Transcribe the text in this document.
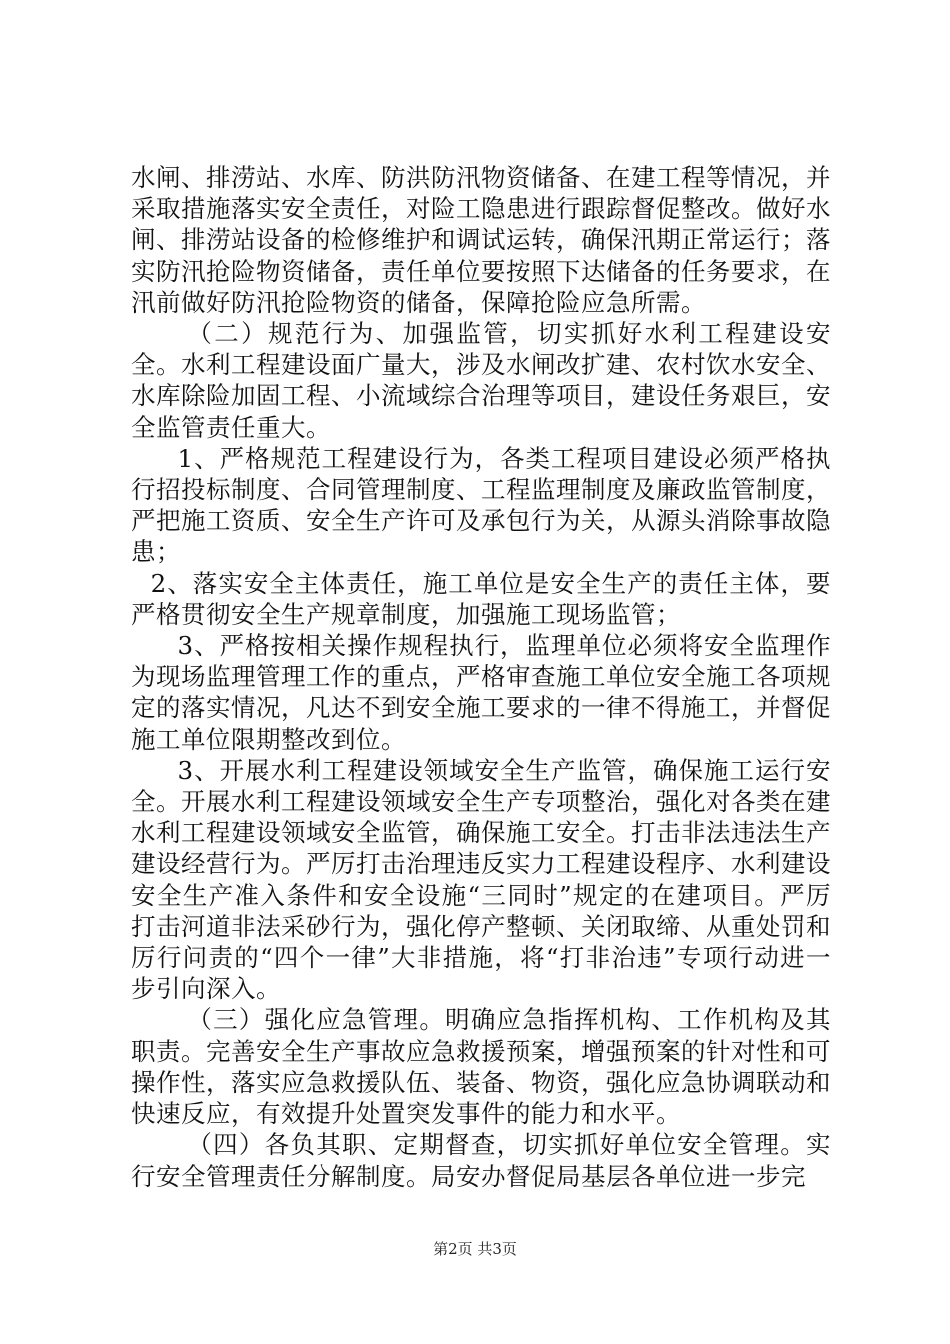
水闸、排涝站、水库、防洪防汛物资储备、在建工程等情况，并采取措施落实安全责任，对险工隐患进行跟踪督促整改。做好水闸、排涝站设备的检修维护和调试运转，确保汛期正常运行；落实防汛抢险物资储备，责任单位要按照下达储备的任务要求，在汛前做好防汛抢险物资的储备，保障抢险应急所需。

（二）规范行为、加强监管，切实抓好水利工程建设安全。水利工程建设面广量大，涉及水闸改扩建、农村饮水安全、水库除险加固工程、小流域综合治理等项目，建设任务艰巨，安全监管责任重大。

1、严格规范工程建设行为，各类工程项目建设必须严格执行招投标制度、合同管理制度、工程监理制度及廉政监管制度，严把施工资质、安全生产许可及承包行为关，从源头消除事故隐患；

2、落实安全主体责任，施工单位是安全生产的责任主体，要严格贯彻安全生产规章制度，加强施工现场监管；

3、严格按相关操作规程执行，监理单位必须将安全监理作为现场监理管理工作的重点，严格审查施工单位安全施工各项规定的落实情况，凡达不到安全施工要求的一律不得施工，并督促施工单位限期整改到位。

3、开展水利工程建设领域安全生产监管，确保施工运行安全。开展水利工程建设领域安全生产专项整治，强化对各类在建水利工程建设领域安全监管，确保施工安全。打击非法违法生产建设经营行为。严厉打击治理违反实力工程建设程序、水利建设安全生产准入条件和安全设施“三同时”规定的在建项目。严厉打击河道非法采砂行为，强化停产整顿、关闭取缔、从重处罚和厉行问责的“四个一律”大非措施，将“打非治违”专项行动进一步引向深入。

（三）强化应急管理。明确应急指挥机构、工作机构及其职责。完善安全生产事故应急救援预案，增强预案的针对性和可操作性，落实应急救援队伍、装备、物资，强化应急协调联动和快速反应，有效提升处置突发事件的能力和水平。

（四）各负其职、定期督查，切实抓好单位安全管理。实行安全管理责任分解制度。局安办督促局基层各单位进一步完

第2页 共3页
